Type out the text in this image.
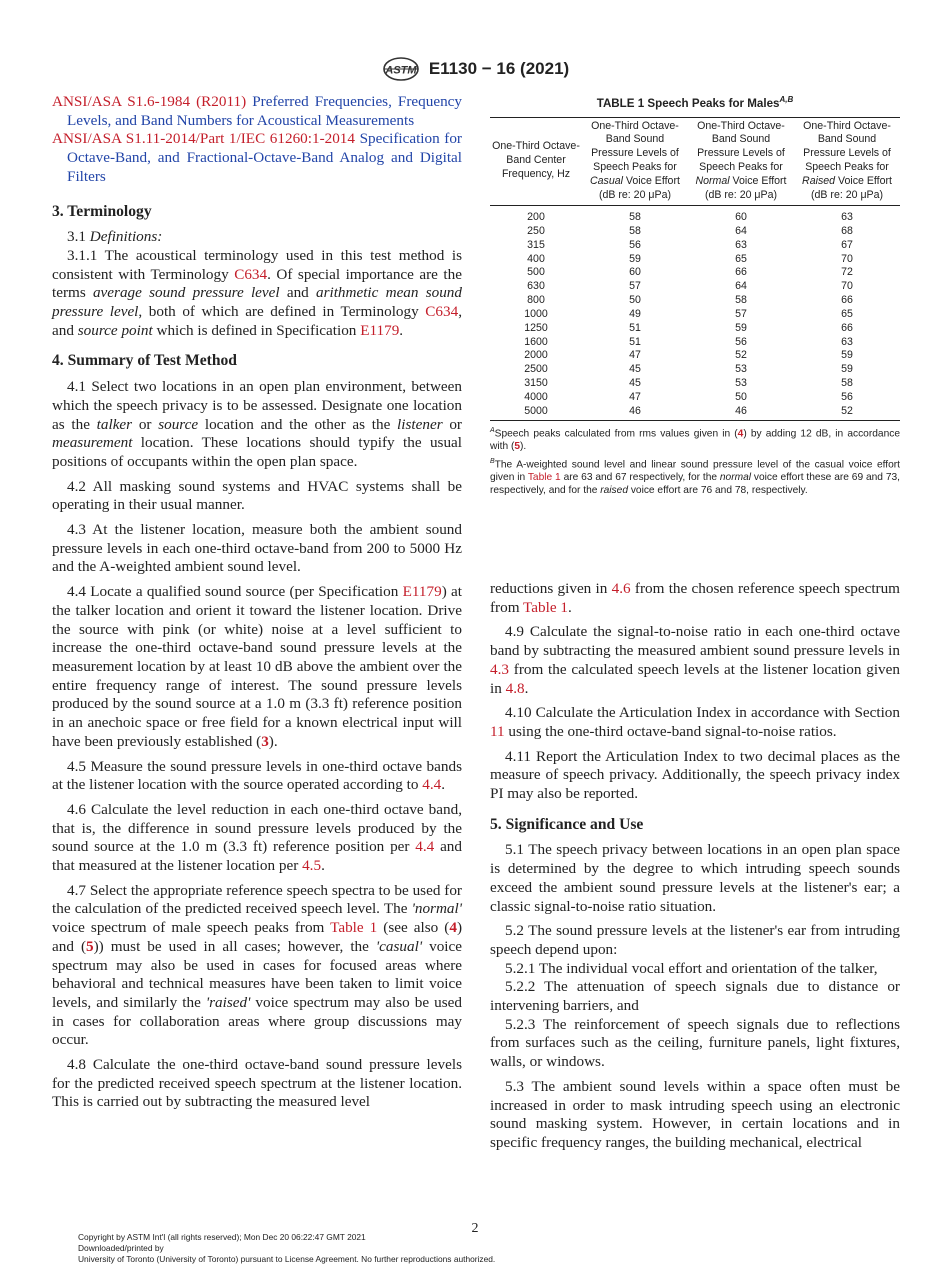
ASTM E1130 − 16 (2021)

ANSI/ASA S1.6-1984 (R2011) Preferred Frequencies, Frequency Levels, and Band Numbers for Acoustical Measurements

ANSI/ASA S1.11-2014/Part 1/IEC 61260:1-2014 Specification for Octave-Band, and Fractional-Octave-Band Analog and Digital Filters

3. Terminology

3.1 Definitions:

3.1.1 The acoustical terminology used in this test method is consistent with Terminology C634. Of special importance are the terms average sound pressure level and arithmetic mean sound pressure level, both of which are defined in Terminology C634, and source point which is defined in Specification E1179.

4. Summary of Test Method

4.1 Select two locations in an open plan environment, between which the speech privacy is to be assessed. Designate one location as the talker or source location and the other as the listener or measurement location. These locations should typify the usual positions of occupants within the open plan space.

4.2 All masking sound systems and HVAC systems shall be operating in their usual manner.

4.3 At the listener location, measure both the ambient sound pressure levels in each one-third octave-band from 200 to 5000 Hz and the A-weighted ambient sound level.

4.4 Locate a qualified sound source (per Specification E1179) at the talker location and orient it toward the listener location. Drive the source with pink (or white) noise at a level sufficient to increase the one-third octave-band sound pressure levels at the measurement location by at least 10 dB above the ambient over the entire frequency range of interest. The sound pressure levels produced by the sound source at a 1.0 m (3.3 ft) reference position in an anechoic space or free field for a known electrical input will have been previously established (3).

4.5 Measure the sound pressure levels in one-third octave bands at the listener location with the source operated according to 4.4.

4.6 Calculate the level reduction in each one-third octave band, that is, the difference in sound pressure levels produced by the sound source at the 1.0 m (3.3 ft) reference position per 4.4 and that measured at the listener location per 4.5.

4.7 Select the appropriate reference speech spectra to be used for the calculation of the predicted received speech level. The 'normal' voice spectrum of male speech peaks from Table 1 (see also (4) and (5)) must be used in all cases; however, the 'casual' voice spectrum may also be used in cases for focused areas where behavioral and technical measures have been taken to limit voice levels, and similarly the 'raised' voice spectrum may also be used in cases for collaboration areas where group discussions may occur.

4.8 Calculate the one-third octave-band sound pressure levels for the predicted received speech spectrum at the listener location. This is carried out by subtracting the measured level

TABLE 1 Speech Peaks for Males$^{A,B}$
One-Third Octave-Band Center Frequency, Hz	One-Third Octave-Band Sound Pressure Levels of Speech Peaks for Casual Voice Effort (dB re: 20 μPa)	One-Third Octave-Band Sound Pressure Levels of Speech Peaks for Normal Voice Effort (dB re: 20 μPa)	One-Third Octave-Band Sound Pressure Levels of Speech Peaks for Raised Voice Effort (dB re: 20 μPa)
200	58	60	63
250	58	64	68
315	56	63	67
400	59	65	70
500	60	66	72
630	57	64	70
800	50	58	66
1000	49	57	65
1250	51	59	66
1600	51	56	63
2000	47	52	59
2500	45	53	59
3150	45	53	58
4000	47	50	56
5000	46	46	52

$^A$Speech peaks calculated from rms values given in (4) by adding 12 dB, in accordance with (5).

$^B$The A-weighted sound level and linear sound pressure level of the casual voice effort given in Table 1 are 63 and 67 respectively, for the normal voice effort these are 69 and 73, respectively, and for the raised voice effort are 76 and 78, respectively.

reductions given in 4.6 from the chosen reference speech spectrum from Table 1.

4.9 Calculate the signal-to-noise ratio in each one-third octave band by subtracting the measured ambient sound pressure levels in 4.3 from the calculated speech levels at the listener location given in 4.8.

4.10 Calculate the Articulation Index in accordance with Section 11 using the one-third octave-band signal-to-noise ratios.

4.11 Report the Articulation Index to two decimal places as the measure of speech privacy. Additionally, the speech privacy index PI may also be reported.

5. Significance and Use

5.1 The speech privacy between locations in an open plan space is determined by the degree to which intruding speech sounds exceed the ambient sound pressure levels at the listener's ear; a classic signal-to-noise ratio situation.

5.2 The sound pressure levels at the listener's ear from intruding speech depend upon:

5.2.1 The individual vocal effort and orientation of the talker,

5.2.2 The attenuation of speech signals due to distance or intervening barriers, and

5.2.3 The reinforcement of speech signals due to reflections from surfaces such as the ceiling, furniture panels, light fixtures, walls, or windows.

5.3 The ambient sound levels within a space often must be increased in order to mask intruding speech using an electronic sound masking system. However, in certain locations and in specific frequency ranges, the building mechanical, electrical

2
Copyright by ASTM Int'l (all rights reserved); Mon Dec 20 06:22:47 GMT 2021
Downloaded/printed by
University of Toronto (University of Toronto) pursuant to License Agreement. No further reproductions authorized.
